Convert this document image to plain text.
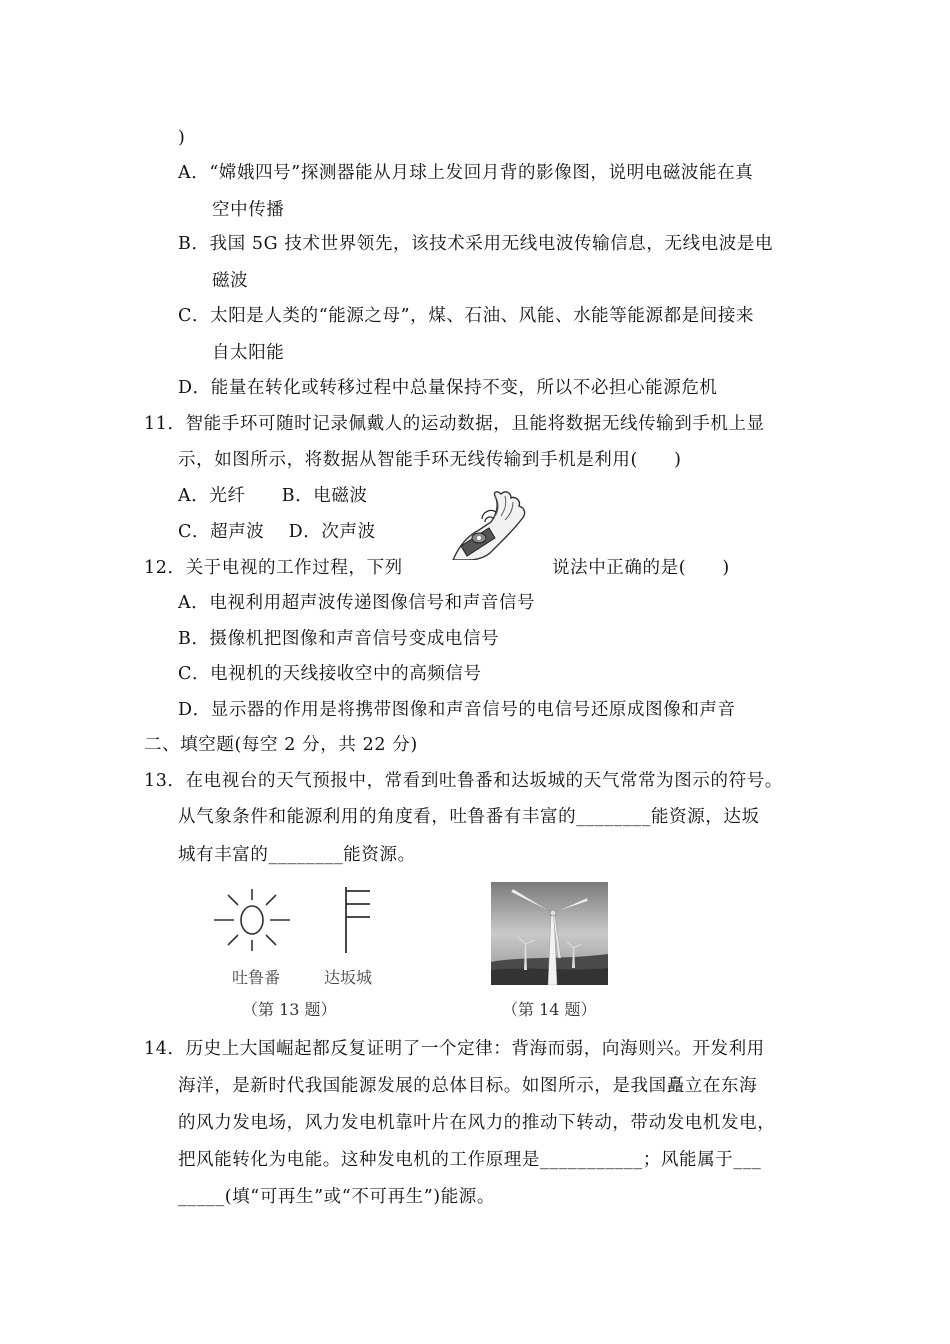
)
A．“嫦娥四号”探测器能从月球上发回月背的影像图，说明电磁波能在真
空中传播
B．我国 5G 技术世界领先，该技术采用无线电波传输信息，无线电波是电
磁波
C．太阳是人类的“能源之母”，煤、石油、风能、水能等能源都是间接来
自太阳能
D．能量在转化或转移过程中总量保持不变，所以不必担心能源危机
11．智能手环可随时记录佩戴人的运动数据，且能将数据无线传输到手机上显
示，如图所示，将数据从智能手环无线传输到手机是利用(　　)
A．光纤　　B．电磁波
C．超声波　 D．次声波
12．关于电视的工作过程，下列	说法中正确的是(　　)
A．电视利用超声波传递图像信号和声音信号
B．摄像机把图像和声音信号变成电信号
C．电视机的天线接收空中的高频信号
D．显示器的作用是将携带图像和声音信号的电信号还原成图像和声音
二、填空题(每空 2 分，共 22 分)
13．在电视台的天气预报中，常看到吐鲁番和达坂城的天气常常为图示的符号。
从气象条件和能源利用的角度看，吐鲁番有丰富的________能资源，达坂
城有丰富的________能资源。
吐鲁番	达坂城
（第 13 题）	（第 14 题）
14．历史上大国崛起都反复证明了一个定律：背海而弱，向海则兴。开发利用
海洋，是新时代我国能源发展的总体目标。如图所示，是我国矗立在东海
的风力发电场，风力发电机靠叶片在风力的推动下转动，带动发电机发电，
把风能转化为电能。这种发电机的工作原理是___________；风能属于___
_____(填“可再生”或“不可再生”)能源。
